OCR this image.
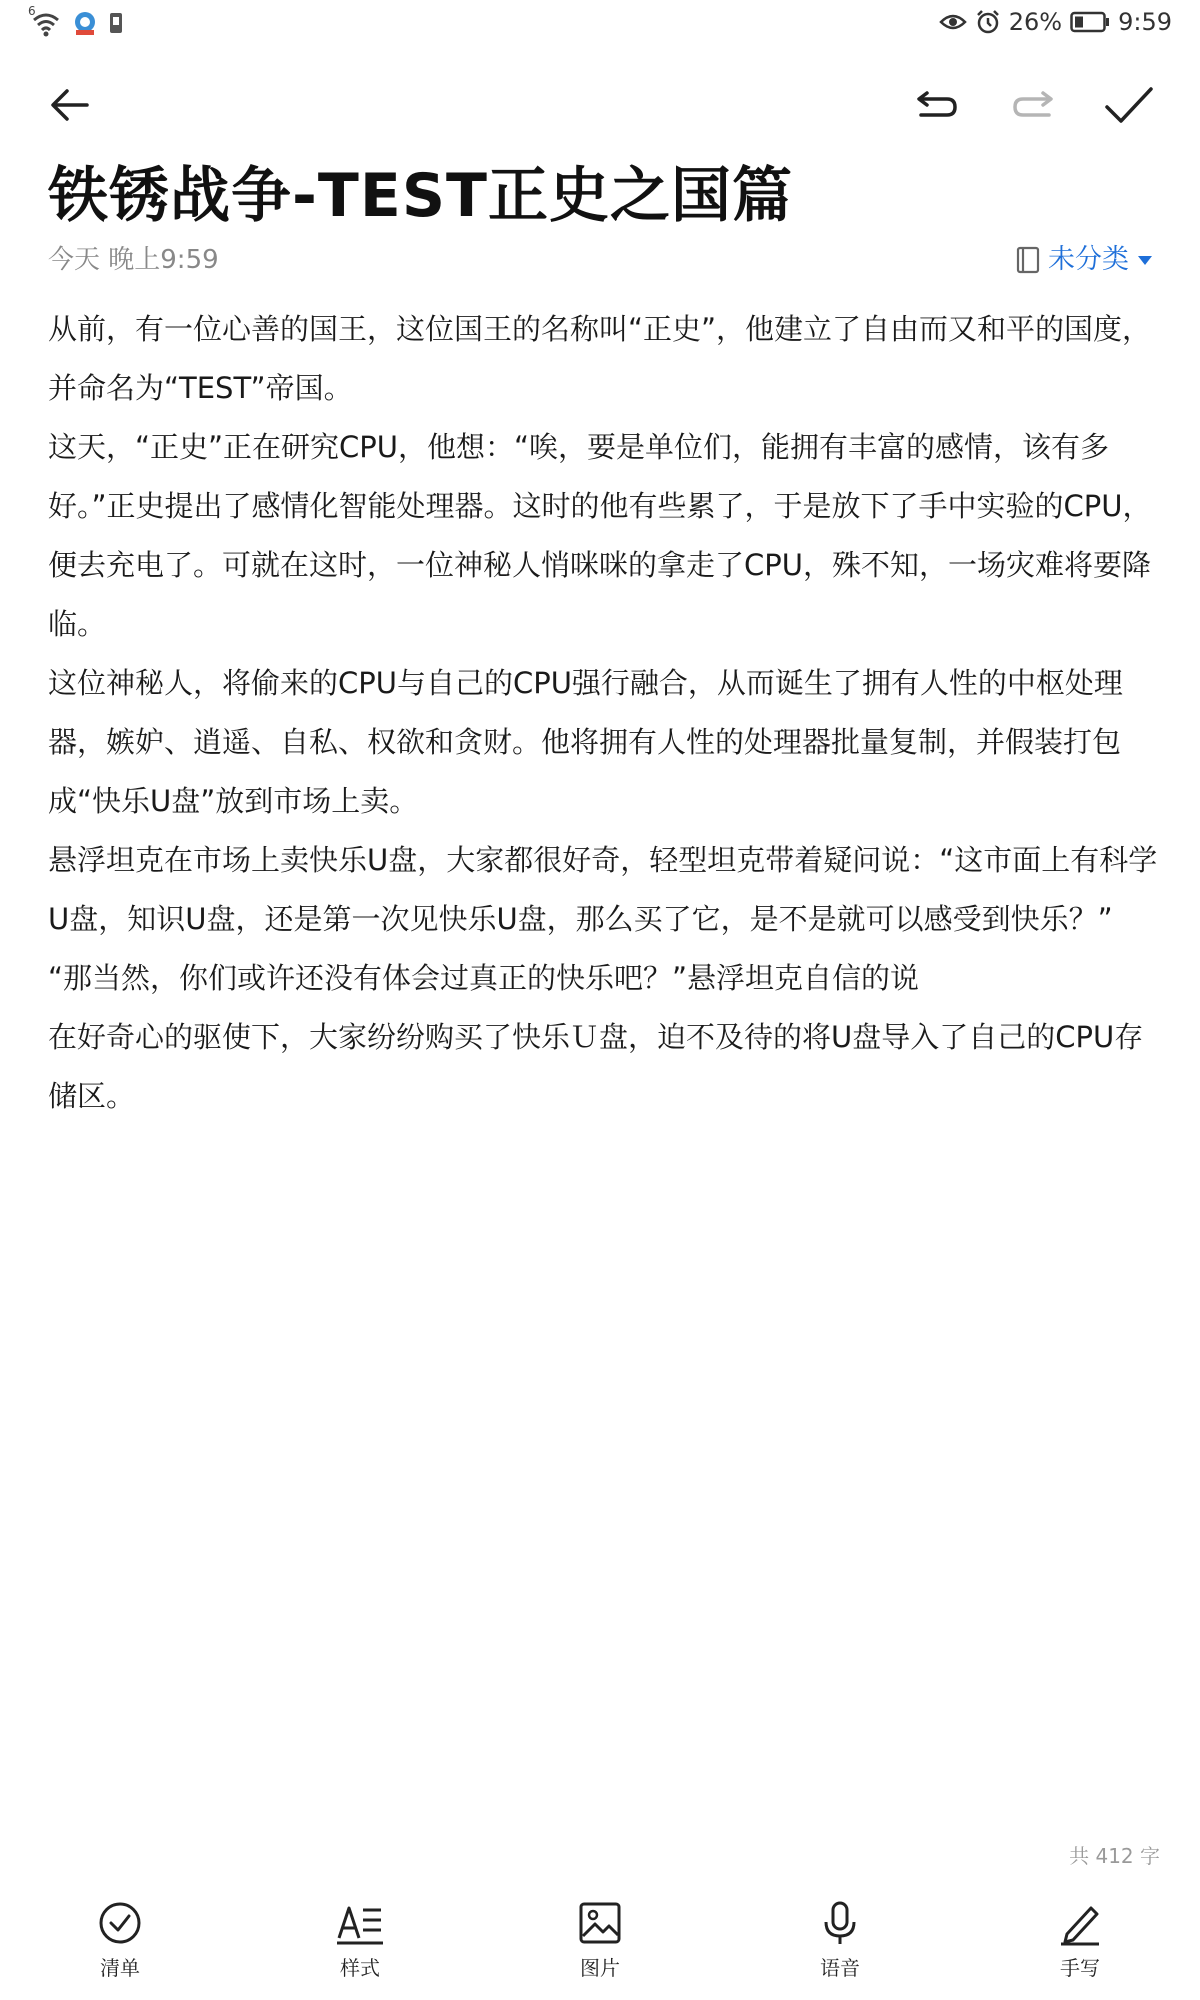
6	26% 9:59
铁锈战争-TEST正史之国篇
今天 晚上9:59	未分类

从前，有一位心善的国王，这位国王的名称叫“正史”，他建立了自由而又和平的国度，并命名为“TEST”帝国。

这天，“正史”正在研究CPU，他想：“唉，要是单位们，能拥有丰富的感情，该有多好。”正史提出了感情化智能处理器。这时的他有些累了，于是放下了手中实验的CPU，便去充电了。可就在这时，一位神秘人悄咪咪的拿走了CPU，殊不知，一场灾难将要降临。

这位神秘人，将偷来的CPU与自己的CPU强行融合，从而诞生了拥有人性的中枢处理器，嫉妒、逍遥、自私、权欲和贪财。他将拥有人性的处理器批量复制，并假装打包成“快乐U盘”放到市场上卖。

悬浮坦克在市场上卖快乐U盘，大家都很好奇，轻型坦克带着疑问说：“这市面上有科学U盘，知识U盘，还是第一次见快乐U盘，那么买了它，是不是就可以感受到快乐？”

“那当然，你们或许还没有体会过真正的快乐吧？”悬浮坦克自信的说

在好奇心的驱使下，大家纷纷购买了快乐Ｕ盘，迫不及待的将U盘导入了自己的CPU存储区。

共 412 字
清单	样式	图片	语音	手写
